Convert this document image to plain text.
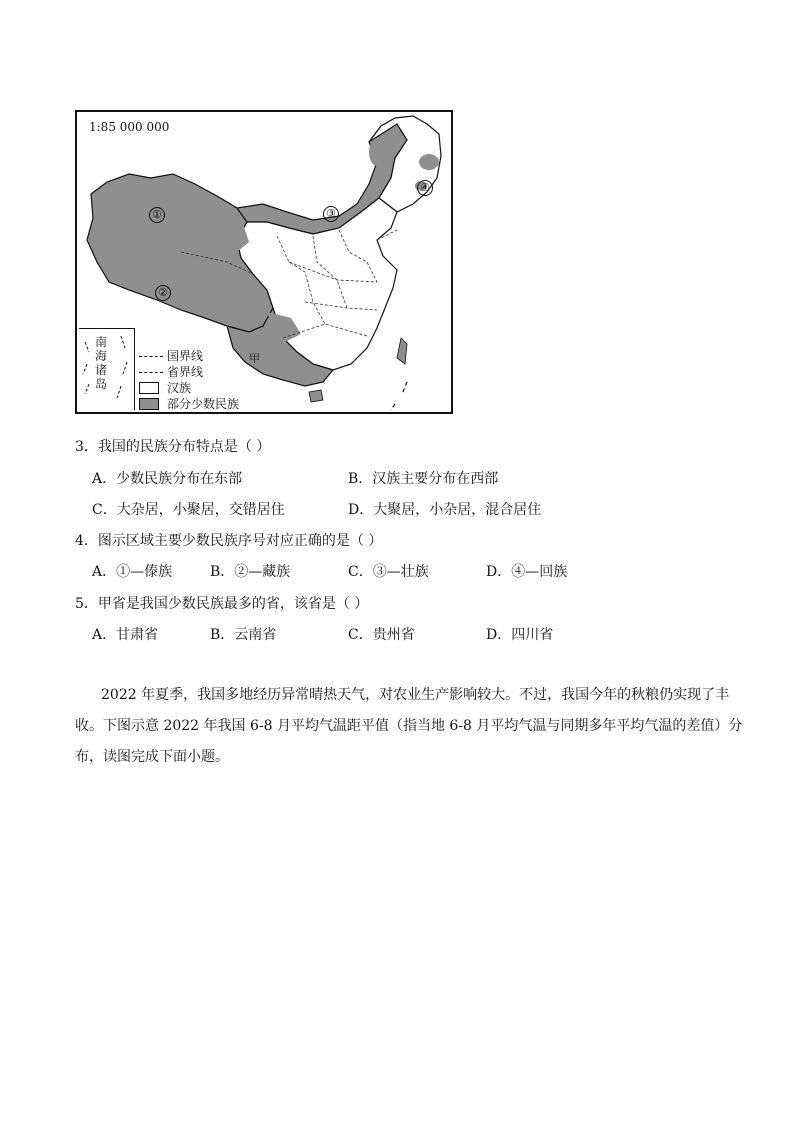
1:85 000 000
①
②
③
④
甲
南海诸岛
国界线
省界线
汉族
部分少数民族
3．我国的民族分布特点是（ ）
A．少数民族分布在东部	B．汉族主要分布在西部
C．大杂居，小聚居，交错居住	D．大聚居，小杂居，混合居住
4．图示区域主要少数民族序号对应正确的是（ ）
A．①—傣族	B．②—藏族	C．③—壮族	D．④—回族
5．甲省是我国少数民族最多的省，该省是（ ）
A．甘肃省	B．云南省	C．贵州省	D．四川省
2022 年夏季，我国多地经历异常晴热天气，对农业生产影响较大。不过，我国今年的秋粮仍实现了丰
收。下图示意 2022 年我国 6-8 月平均气温距平值（指当地 6-8 月平均气温与同期多年平均气温的差值）分
布，读图完成下面小题。
